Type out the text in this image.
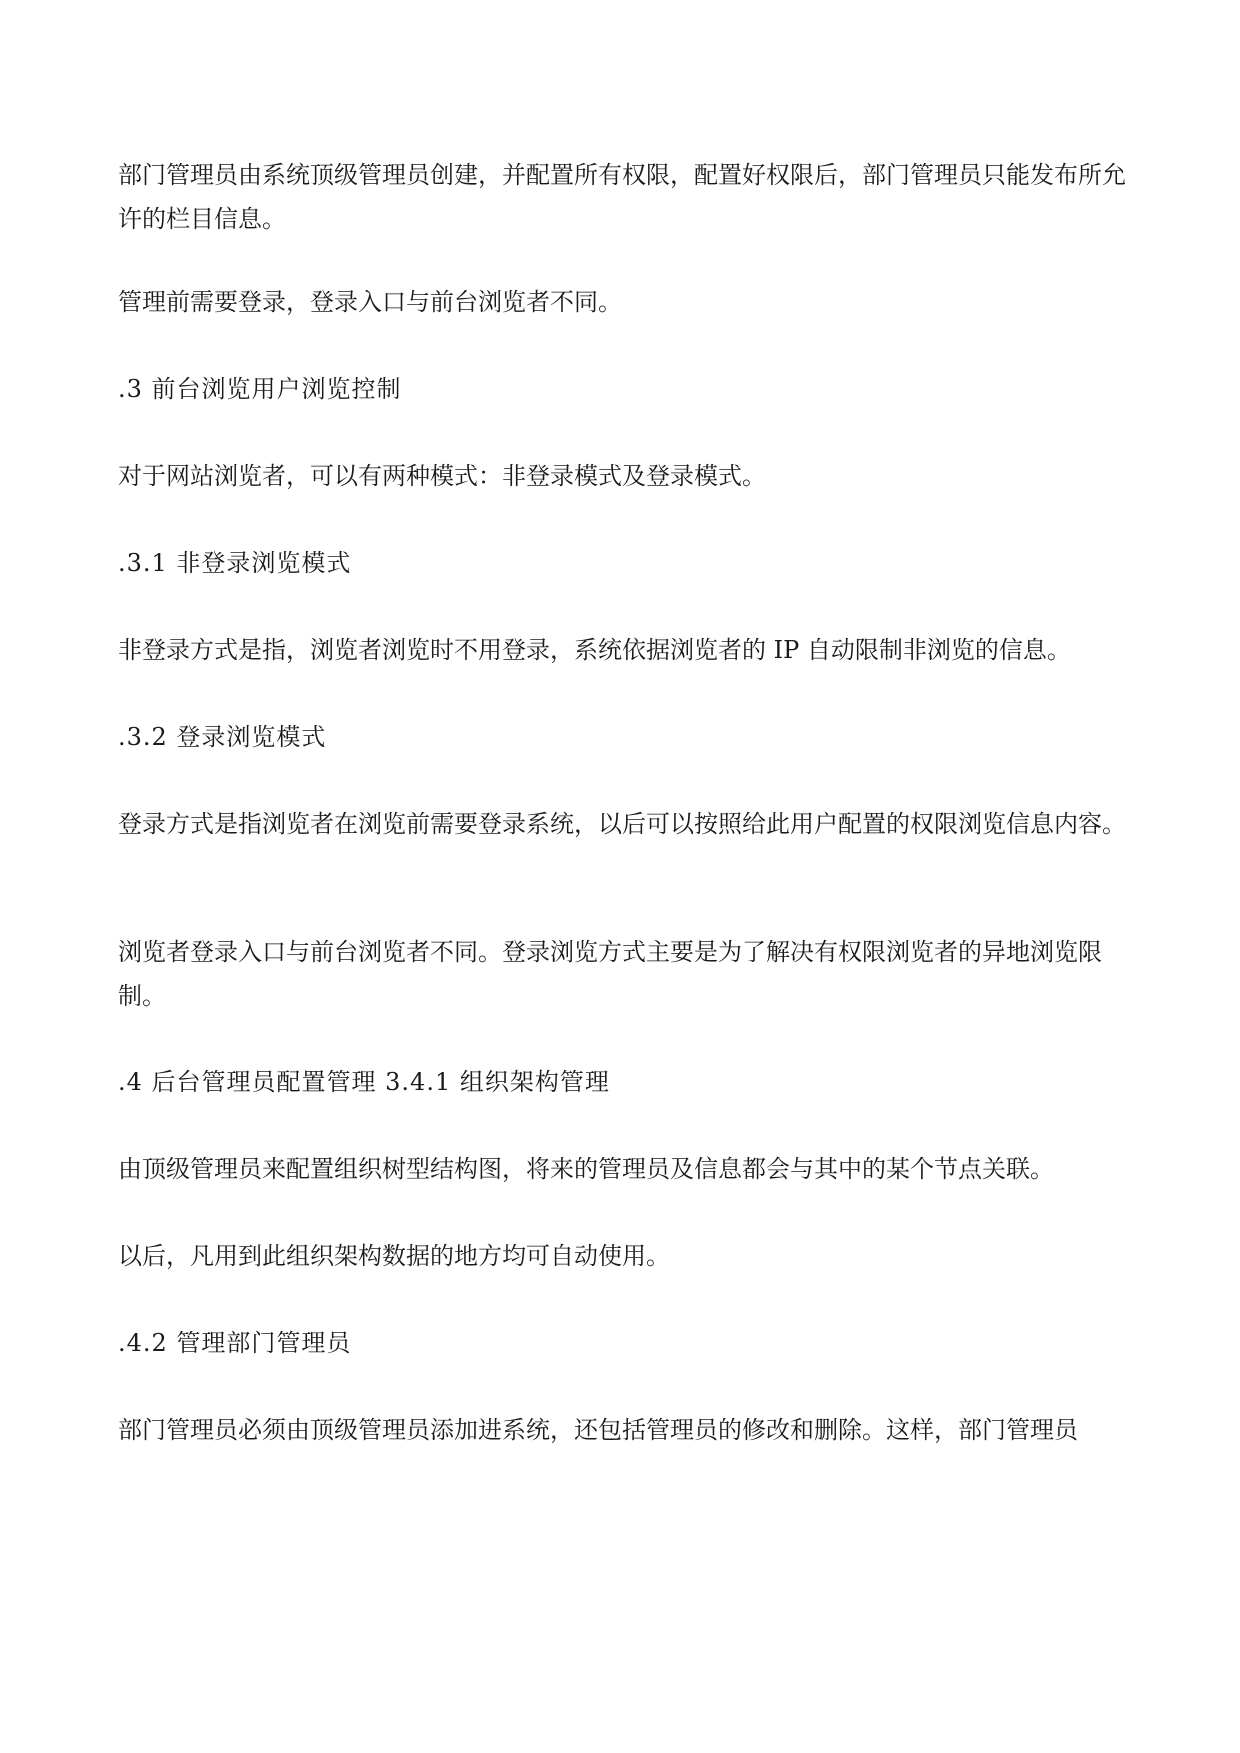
部门管理员由系统顶级管理员创建，并配置所有权限，配置好权限后，部门管理员只能发布所允许的栏目信息。

管理前需要登录，登录入口与前台浏览者不同。

.3 前台浏览用户浏览控制

对于网站浏览者，可以有两种模式：非登录模式及登录模式。

.3.1 非登录浏览模式

非登录方式是指，浏览者浏览时不用登录，系统依据浏览者的 IP 自动限制非浏览的信息。

.3.2 登录浏览模式

登录方式是指浏览者在浏览前需要登录系统，以后可以按照给此用户配置的权限浏览信息内容。

浏览者登录入口与前台浏览者不同。登录浏览方式主要是为了解决有权限浏览者的异地浏览限制。

.4 后台管理员配置管理 3.4.1 组织架构管理

由顶级管理员来配置组织树型结构图，将来的管理员及信息都会与其中的某个节点关联。

以后，凡用到此组织架构数据的地方均可自动使用。

.4.2 管理部门管理员

部门管理员必须由顶级管理员添加进系统，还包括管理员的修改和删除。这样，部门管理员
